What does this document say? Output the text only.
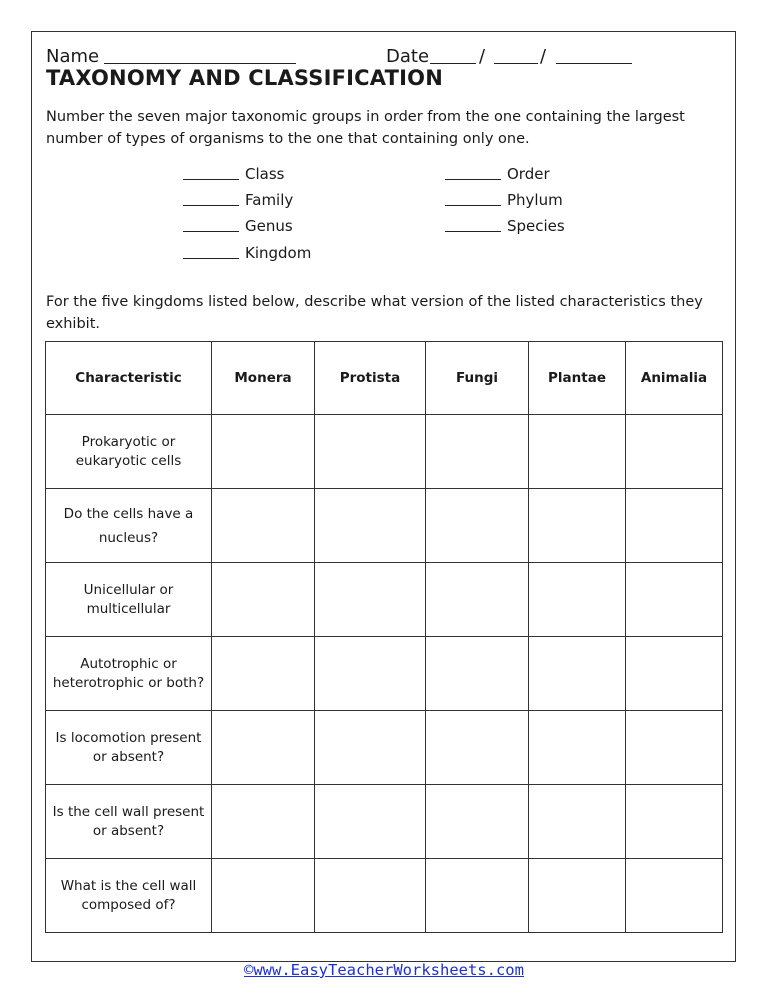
Name	Date	/	/
TAXONOMY AND CLASSIFICATION

Number the seven major taxonomic groups in order from the one containing the largest number of types of organisms to the one that containing only one.

Class
Family
Genus
Kingdom
Order
Phylum
Species

For the five kingdoms listed below, describe what version of the listed characteristics they exhibit.

Characteristic	Monera	Protista	Fungi	Plantae	Animalia
Prokaryotic or eukaryotic cells					
Do the cells have a nucleus?					
Unicellular or multicellular					
Autotrophic or heterotrophic or both?					
Is locomotion present or absent?					
Is the cell wall present or absent?					
What is the cell wall composed of?					
©www.EasyTeacherWorksheets.com
